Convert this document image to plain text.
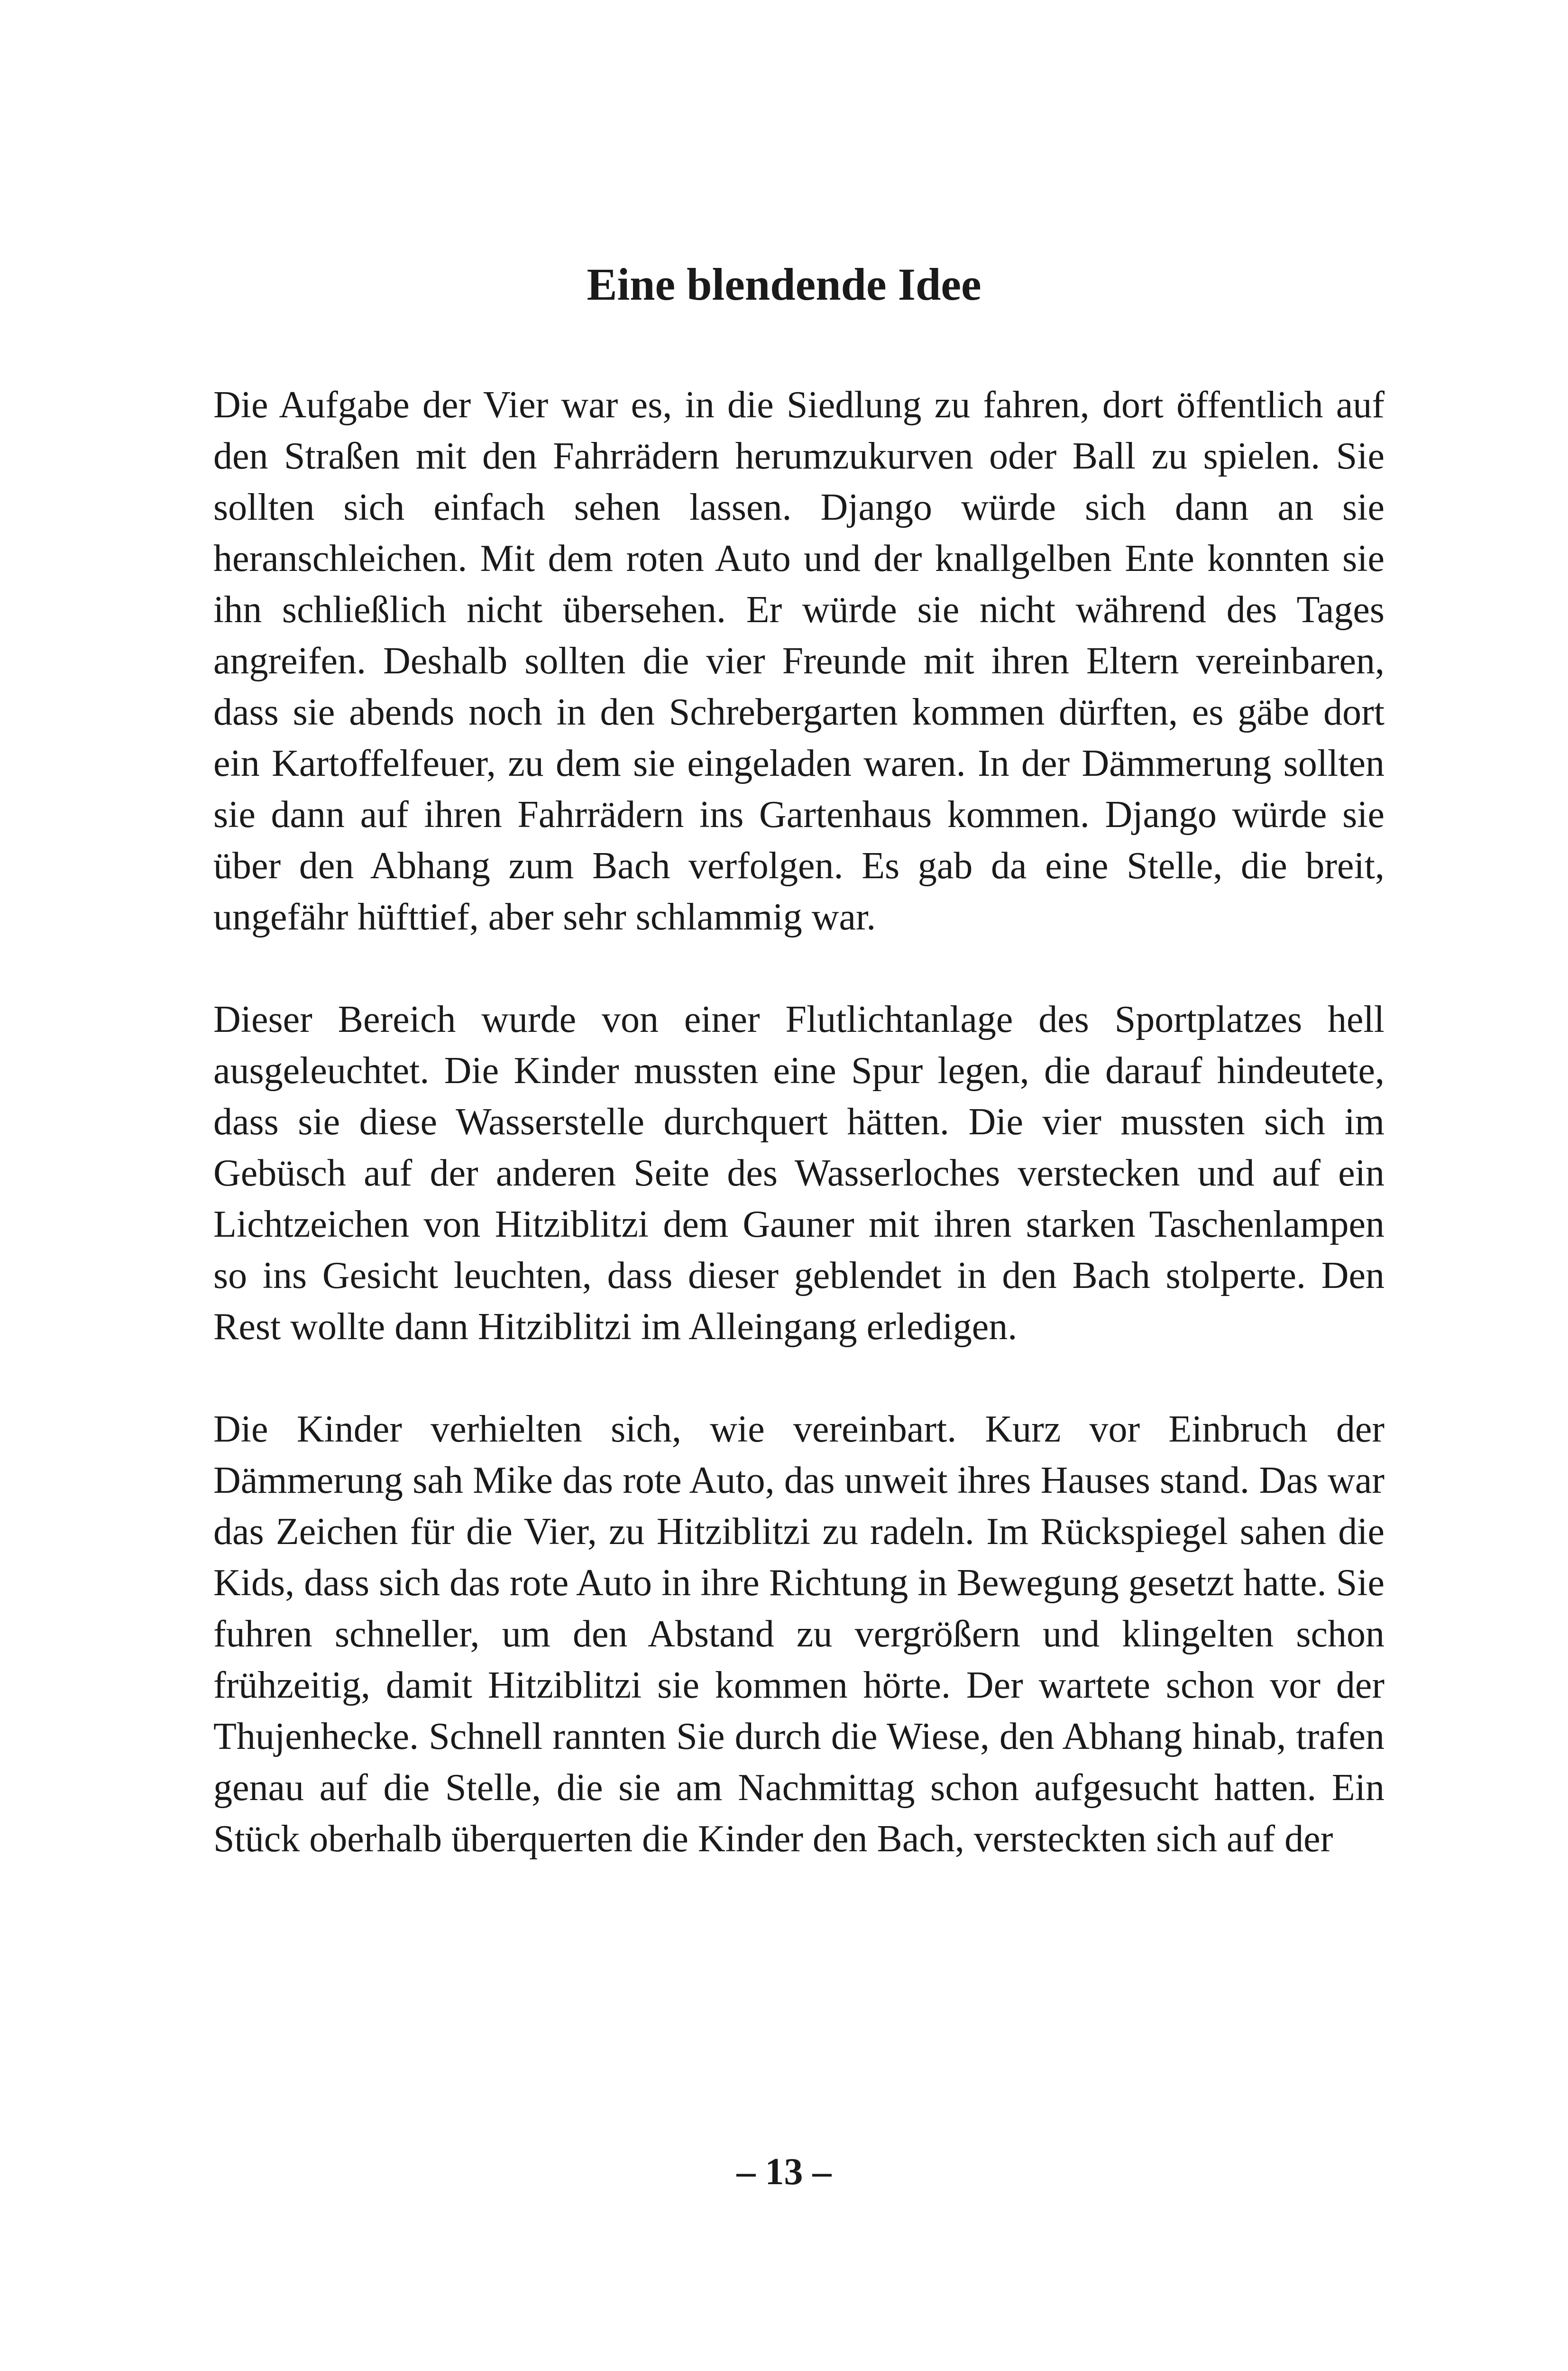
Eine blendende Idee

Die Aufgabe der Vier war es, in die Siedlung zu fahren, dort öffentlich auf den Straßen mit den Fahrrädern herumzukurven oder Ball zu spielen. Sie sollten sich einfach sehen lassen. Django würde sich dann an sie heranschleichen. Mit dem roten Auto und der knallgelben Ente konnten sie ihn schließlich nicht übersehen. Er würde sie nicht während des Tages angreifen. Deshalb sollten die vier Freunde mit ihren Eltern vereinbaren, dass sie abends noch in den Schrebergarten kommen dürften, es gäbe dort ein Kartoffelfeuer, zu dem sie eingeladen waren. In der Dämmerung sollten sie dann auf ihren Fahrrädern ins Gartenhaus kommen. Django würde sie über den Abhang zum Bach verfolgen. Es gab da eine Stelle, die breit, ungefähr hüfttief, aber sehr schlammig war.

Dieser Bereich wurde von einer Flutlichtanlage des Sportplatzes hell ausgeleuchtet. Die Kinder mussten eine Spur legen, die darauf hindeutete, dass sie diese Wasserstelle durchquert hätten. Die vier mussten sich im Gebüsch auf der anderen Seite des Wasserloches verstecken und auf ein Lichtzeichen von Hitziblitzi dem Gauner mit ihren starken Taschenlampen so ins Gesicht leuchten, dass dieser geblendet in den Bach stolperte. Den Rest wollte dann Hitziblitzi im Alleingang erledigen.

Die Kinder verhielten sich, wie vereinbart. Kurz vor Einbruch der Dämmerung sah Mike das rote Auto, das unweit ihres Hauses stand. Das war das Zeichen für die Vier, zu Hitziblitzi zu radeln. Im Rückspiegel sahen die Kids, dass sich das rote Auto in ihre Richtung in Bewegung gesetzt hatte. Sie fuhren schneller, um den Abstand zu vergrößern und klingelten schon frühzeitig, damit Hitziblitzi sie kommen hörte. Der wartete schon vor der Thujenhecke. Schnell rannten Sie durch die Wiese, den Abhang hinab, trafen genau auf die Stelle, die sie am Nachmittag schon aufgesucht hatten. Ein Stück oberhalb überquerten die Kinder den Bach, versteckten sich auf der

– 13 –
